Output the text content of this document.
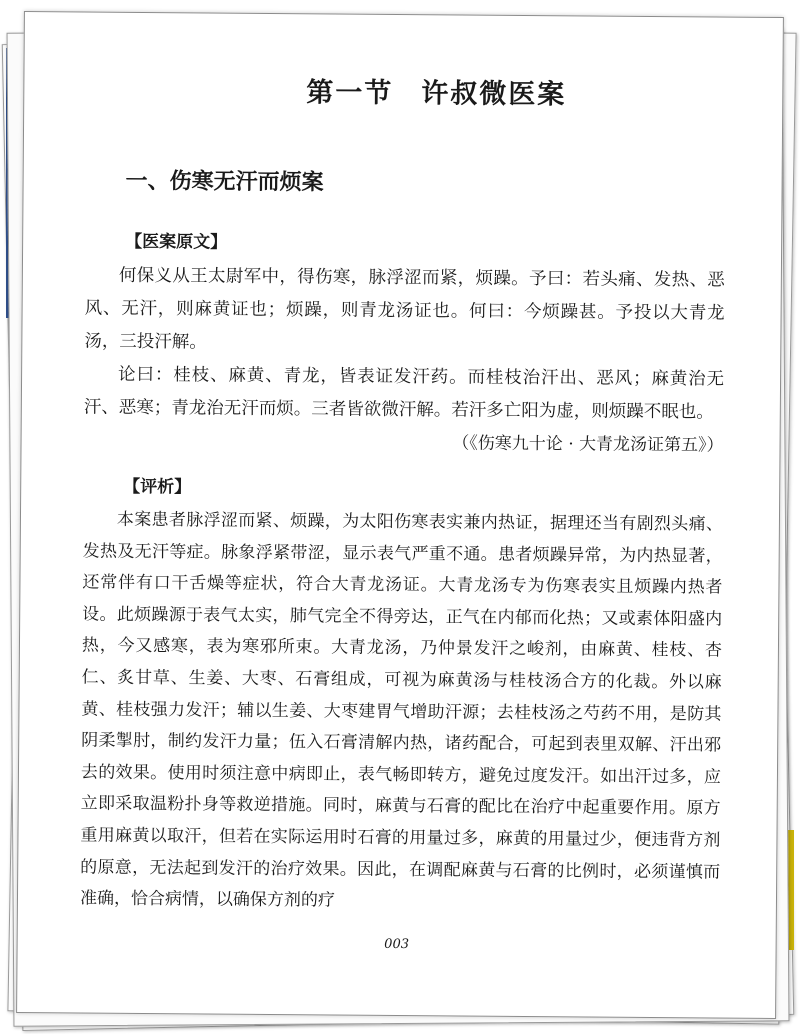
第一节 许叔微医案
一、伤寒无汗而烦案
【医案原文】

何保义从王太尉军中，得伤寒，脉浮涩而紧，烦躁。予曰：若头痛、发热、恶风、无汗，则麻黄证也；烦躁，则青龙汤证也。何曰：今烦躁甚。予投以大青龙汤，三投汗解。

论曰：桂枝、麻黄、青龙，皆表证发汗药。而桂枝治汗出、恶风；麻黄治无汗、恶寒；青龙治无汗而烦。三者皆欲微汗解。若汗多亡阳为虚，则烦躁不眠也。

（《伤寒九十论 · 大青龙汤证第五》）
【评析】

本案患者脉浮涩而紧、烦躁，为太阳伤寒表实兼内热证，据理还当有剧烈头痛、发热及无汗等症。脉象浮紧带涩，显示表气严重不通。患者烦躁异常，为内热显著，还常伴有口干舌燥等症状，符合大青龙汤证。大青龙汤专为伤寒表实且烦躁内热者设。此烦躁源于表气太实，肺气完全不得旁达，正气在内郁而化热；又或素体阳盛内热，今又感寒，表为寒邪所束。大青龙汤，乃仲景发汗之峻剂，由麻黄、桂枝、杏仁、炙甘草、生姜、大枣、石膏组成，可视为麻黄汤与桂枝汤合方的化裁。外以麻黄、桂枝强力发汗；辅以生姜、大枣建胃气增助汗源；去桂枝汤之芍药不用，是防其阴柔掣肘，制约发汗力量；伍入石膏清解内热，诸药配合，可起到表里双解、汗出邪去的效果。使用时须注意中病即止，表气畅即转方，避免过度发汗。如出汗过多，应立即采取温粉扑身等救逆措施。同时，麻黄与石膏的配比在治疗中起重要作用。原方重用麻黄以取汗，但若在实际运用时石膏的用量过多，麻黄的用量过少，便违背方剂的原意，无法起到发汗的治疗效果。因此，在调配麻黄与石膏的比例时，必须谨慎而准确，恰合病情，以确保方剂的疗

003
